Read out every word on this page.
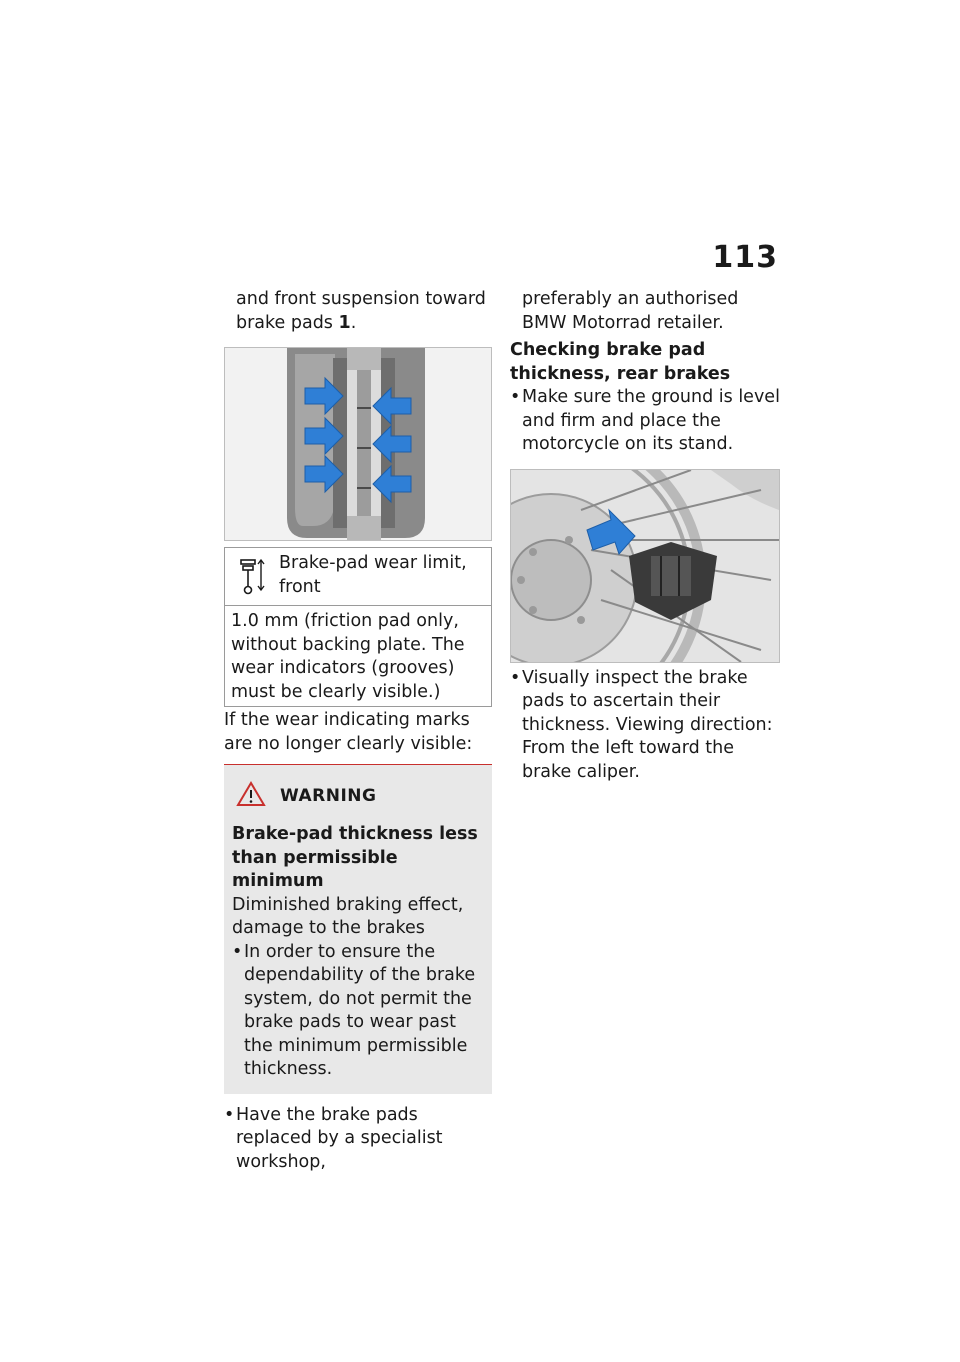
113
and front suspension toward brake pads 1.
Brake-pad wear limit, front
1.0 mm (friction pad only, without backing plate. The wear indicators (grooves) must be clearly visible.)
If the wear indicating marks are no longer clearly visible:
WARNING
Brake-pad thickness less than permissible minimum
Diminished braking effect, damage to the brakes
• In order to ensure the dependability of the brake system, do not permit the brake pads to wear past the minimum permissible thickness.
• Have the brake pads replaced by a specialist workshop,
preferably an authorised BMW Motorrad retailer.
Checking brake pad thickness, rear brakes
• Make sure the ground is level and firm and place the motorcycle on its stand.
• Visually inspect the brake pads to ascertain their thickness. Viewing direction: From the left toward the brake caliper.
